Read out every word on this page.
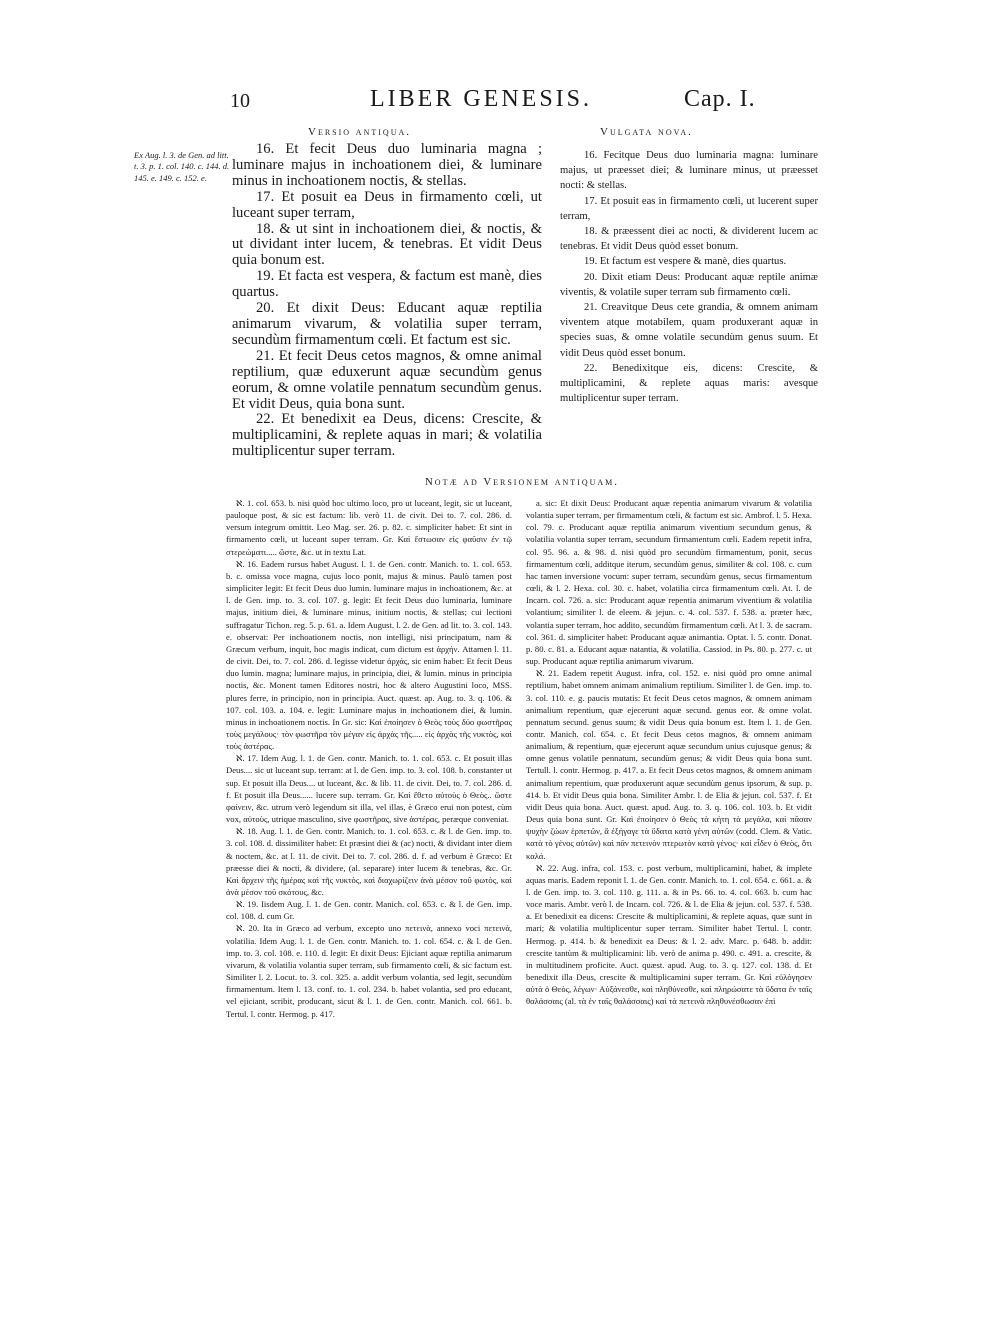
10	LIBER GENESIS.	Cap. I.
Versio antiqua.	Vulgata nova.
Ex Aug. l. 3. de Gen. ad litt. t. 3. p. 1. col. 140. c. 144. d. 145. e. 149. c. 152. e.

16. Et fecit Deus duo luminaria magna ; luminare majus in inchoationem diei, & luminare minus in inchoationem noctis, & stellas.

17. Et posuit ea Deus in firmamento cœli, ut luceant super terram,

18. & ut sint in inchoationem diei, & noctis, & ut dividant inter lucem, & tenebras. Et vidit Deus quia bonum est.

19. Et facta est vespera, & factum est manè, dies quartus.

20. Et dixit Deus: Educant aquæ reptilia animarum vivarum, & volatilia super terram, secundùm firmamentum cœli. Et factum est sic.

21. Et fecit Deus cetos magnos, & omne animal reptilium, quæ eduxerunt aquæ secundùm genus eorum, & omne volatile pennatum secundùm genus. Et vidit Deus, quia bona sunt.

22. Et benedixit ea Deus, dicens: Crescite, & multiplicamini, & replete aquas in mari; & volatilia multiplicentur super terram.

16. Fecitque Deus duo luminaria magna: luminare majus, ut præesset diei; & luminare minus, ut præesset nocti: & stellas.

17. Et posuit eas in firmamento cœli, ut lucerent super terram,

18. & præessent diei ac nocti, & dividerent lucem ac tenebras. Et vidit Deus quòd esset bonum.

19. Et factum est vespere & manè, dies quartus.

20. Dixit etiam Deus: Producant aquæ reptile animæ viventis, & volatile super terram sub firmamento cœli.

21. Creavitque Deus cete grandia, & omnem animam viventem atque motabilem, quam produxerant aquæ in species suas, & omne volatile secundùm genus suum. Et vidit Deus quòd esset bonum.

22. Benedixitque eis, dicens: Crescite, & multiplicamini, & replete aquas maris: avesque multiplicentur super terram.

Notæ ad Versionem antiquam.

ℵ. 1. col. 653. b. nisi quòd hoc ultimo loco, pro ut luceant, legit, sic ut luceant, pauloque post, & sic est factum: lib. verò 11. de civit. Dei to. 7. col. 286. d. versum integrum omittit. Leo Mag. ser. 26. p. 82. c. simpliciter habet: Et sint in firmamento cœli, ut luceant super terram. Gr. Καὶ ἔστωσαν εἰς φαῦσιν ἐν τῷ στερεώματι..... ὥστε, &c. ut in textu Lat.

ℵ. 16. Eadem rursus habet August. l. 1. de Gen. contr. Manich. to. 1. col. 653. b. c. omissa voce magna, cujus loco ponit, majus & minus. Paulò tamen post simpliciter legit: Et fecit Deus duo lumin. luminare majus in inchoationem, &c. at l. de Gen. imp. to. 3. col. 107. g. legit: Et fecit Deus duo luminaria, luminare majus, initium diei, & luminare minus, initium noctis, & stellas; cui lectioni suffragatur Tichon. reg. 5. p. 61. a. Idem August. l. 2. de Gen. ad lit. to. 3. col. 143. e. observat: Per inchoationem noctis, non intelligi, nisi principatum, nam & Græcum verbum, inquit, hoc magis indicat, cum dictum est ἀρχήν. Attamen l. 11. de civit. Dei, to. 7. col. 286. d. legisse videtur ἀρχάς, sic enim habet: Et fecit Deus duo lumin. magna; luminare majus, in principia, diei, & lumin. minus in principia noctis, &c. Monent tamen Editores nostri, hoc & altero Augustini loco, MSS. plures ferre, in principio, non in principia. Auct. quæst. ap. Aug. to. 3. q. 106. & 107. col. 103. a. 104. e. legit: Luminare majus in inchoationem diei, & lumin. minus in inchoationem noctis. In Gr. sic: Καὶ ἐποίησεν ὁ Θεὸς τοὺς δύο φωστῆρας τοὺς μεγάλους· τὸν φωστῆρα τὸν μέγαν εἰς ἀρχὰς τῆς..... εἰς ἀρχὰς τῆς νυκτὸς, καὶ τοὺς ἀστέρας.

ℵ. 17. Idem Aug. l. 1. de Gen. contr. Manich. to. 1. col. 653. c. Et posuit illas Deus.... sic ut luceant sup. terram: at l. de Gen. imp. to. 3. col. 108. b. constanter ut sup. Et posuit illa Deus.... ut luceant, &c. & lib. 11. de civit. Dei, to. 7. col. 286. d. f. Et posuit illa Deus...... lucere sup. terram. Gr. Καὶ ἔθετο αὐτοὺς ὁ Θεὸς.. ὥστε φαίνειν, &c. utrum verò legendum sit illa, vel illas, è Græco erui non potest, cùm vox, αὐτοὺς, utrique masculino, sive φωστῆρας, sive ἀστέρας, peræque conveniat.

ℵ. 18. Aug. l. 1. de Gen. contr. Manich. to. 1. col. 653. c. & l. de Gen. imp. to. 3. col. 108. d. dissimiliter habet: Et præsint diei & (ac) nocti, & dividant inter diem & noctem, &c. at l. 11. de civit. Dei to. 7. col. 286. d. f. ad verbum è Græco: Et præesse diei & nocti, & dividere, (al. separare) inter lucem & tenebras, &c. Gr. Καὶ ἄρχειν τῆς ἡμέρας καὶ τῆς νυκτὸς, καὶ διαχωρίζειν ἀνὰ μέσον τοῦ φωτὸς, καὶ ἀνὰ μέσον τοῦ σκότους, &c.

ℵ. 19. Iisdem Aug. l. 1. de Gen. contr. Manich. col. 653. c. & l. de Gen. imp. col. 108. d. cum Gr.

ℵ. 20. Ita in Græco ad verbum, excepto uno πετεινὰ, annexo voci πετεινὰ, volatilia. Idem Aug. l. 1. de Gen. contr. Manich. to. 1. col. 654. c. & l. de Gen. imp. to. 3. col. 108. e. 110. d. legit: Et dixit Deus: Ejiciant aquæ reptilia animarum vivarum, & volatilia volantia super terram, sub firmamento cœli, & sic factum est. Similiter l. 2. Locut. to. 3. col. 325. a. addit verbum volantia, sed legit, secundùm firmamentum. Item l. 13. conf. to. 1. col. 234. b. habet volantia, sed pro educant, vel ejiciant, scribit, producant, sicut & l. 1. de Gen. contr. Manich. col. 661. b. Tertul. l. contr. Hermog. p. 417.

a. sic: Et dixit Deus: Producant aquæ repentia animarum vivarum & volatilia volantia super terram, per firmamentum cœli, & factum est sic. Ambrof. l. 5. Hexa. col. 79. c. Producant aquæ reptilia animarum viventium secundum genus, & volatilia volantia super terram, secundum firmamentum cœli. Eadem repetit infra, col. 95. 96. a. & 98. d. nisi quòd pro secundùm firmamentum, ponit, secus firmamentum cœli, additque iterum, secundùm genus, similiter & col. 108. c. cum hac tamen inversione vocum: super terram, secundùm genus, secus firmamentum cœli, & l. 2. Hexa. col. 30. c. habet, volatilia circa firmamentum cœli. At. l. de Incarn. col. 726. a. sic: Producant aquæ repentia animarum viventium & volatilia volantium; similiter l. de eleem. & jejun. c. 4. col. 537. f. 538. a. præter hæc, volantia super terram, hoc addito, secundùm firmamentum cœli. At l. 3. de sacram. col. 361. d. simpliciter habet: Producant aquæ animantia. Optat. l. 5. contr. Donat. p. 80. c. 81. a. Educant aquæ natantia, & volatilia. Cassiod. in Ps. 80. p. 277. c. ut sup. Producant aquæ reptilia animarum vivarum.

ℵ. 21. Eadem repetit August. infra, col. 152. e. nisi quòd pro omne animal reptilium, habet omnem animam animalium reptilium. Similiter l. de Gen. imp. to. 3. col. 110. e. g. paucis mutatis: Et fecit Deus cetos magnos, & omnem animam animalium repentium, quæ ejecerunt aquæ secund. genus eor. & omne volat. pennatum secund. genus suum; & vidit Deus quia bonum est. Item l. 1. de Gen. contr. Manich. col. 654. c. Et fecit Deus cetos magnos, & omnem animam animalium, & repentium, quæ ejecerunt aquæ secundum unius cujusque genus; & omne genus volatile pennatum, secundùm genus; & vidit Deus quia bona sunt. Tertull. l. contr. Hermog. p. 417. a. Et fecit Deus cetos magnos, & omnem animam animalium repentium, quæ produxerunt aquæ secundùm genus ipsorum, & sup. p. 414. b. Et vidit Deus quia bona. Similiter Ambr. l. de Elia & jejun. col. 537. f. Et vidit Deus quia bona. Auct. quæst. apud. Aug. to. 3. q. 106. col. 103. b. Et vidit Deus quia bona sunt. Gr. Καὶ ἐποίησεν ὁ Θεὸς τὰ κήτη τὰ μεγάλα, καὶ πᾶσαν ψυχὴν ζώων ἑρπετῶν, ἃ ἐξήγαγε τὰ ὕδατα κατὰ γένη αὐτῶν (codd. Clem. & Vatic. κατὰ τὸ γένος αὐτῶν) καὶ πᾶν πετεινὸν πτερωτὸν κατὰ γένος· καὶ εἶδεν ὁ Θεὸς, ὅτι καλά.

ℵ. 22. Aug. infra, col. 153. c. post verbum, multiplicamini, habet, & implete aquas maris. Eadem reponit l. 1. de Gen. contr. Manich. to. 1. col. 654. c. 661. a. & l. de Gen. imp. to. 3. col. 110. g. 111. a. & in Ps. 66. to. 4. col. 663. b. cum hac voce maris. Ambr. verò l. de Incarn. col. 726. & l. de Elia & jejun. col. 537. f. 538. a. Et benedixit ea dicens: Crescite & multiplicamini, & replete aquas, quæ sunt in mari; & volatilia multiplicentur super terram. Similiter habet Tertul. l. contr. Hermog. p. 414. b. & benedixit ea Deus: & l. 2. adv. Marc. p. 648. b. addit: crescite tantùm & multiplicamini: lib. verò de anima p. 490. c. 491. a. crescite, & in multitudinem proficite. Auct. quæst. apud. Aug. to. 3. q. 127. col. 138. d. Et benedixit illa Deus, crescite & multiplicamini super terram. Gr. Καὶ εὐλόγησεν αὐτὰ ὁ Θεὸς, λέγων· Αὐξάνεσθε, καὶ πληθύνεσθε, καὶ πληρώσατε τὰ ὕδατα ἐν ταῖς θαλάσσαις (al. τὰ ἐν ταῖς θαλάσσαις) καὶ τὰ πετεινὰ πληθυνέσθωσαν ἐπὶ
